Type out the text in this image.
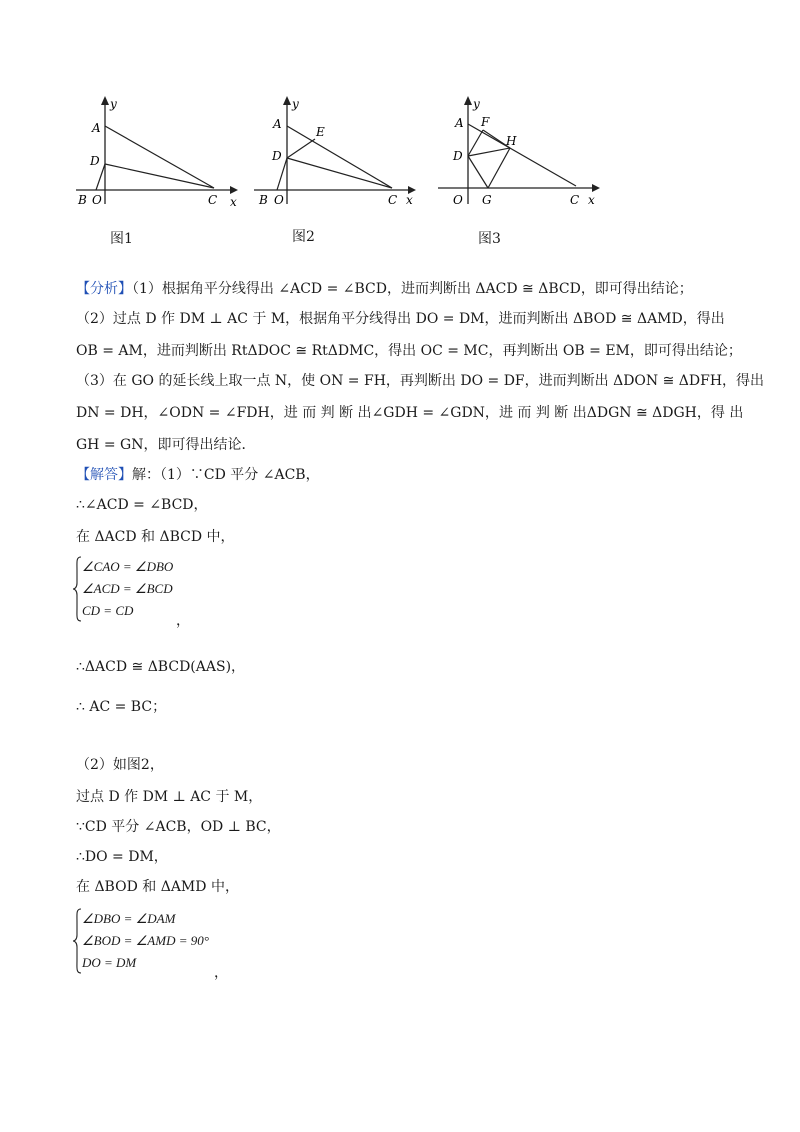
y
x
A
D
B O	C
图1
y
x
A
E
D
B O	C
图2
y
x
A F
H
D
O G	C
图3
【分析】（1）根据角平分线得出 ∠ACD = ∠BCD，进而判断出 ΔACD ≅ ΔBCD，即可得出结论；
（2）过点 D 作 DM ⊥ AC 于 M， 根据角平分线得出 DO = DM， 进而判断出 ΔBOD ≅ ΔAMD， 得出
OB = AM，进而判断出 RtΔDOC ≅ RtΔDMC，得出 OC = MC，再判断出 OB = EM，即可得出结论；
（3）在 GO 的延长线上取一点 N， 使 ON = FH， 再判断出 DO = DF， 进而判断出 ΔDON ≅ ΔDFH， 得出
DN = DH， ∠ODN = ∠FDH， 进 而 判 断 出 ∠GDH = ∠GDN， 进 而 判 断 出 ΔDGN ≅ ΔDGH， 得 出
GH = GN，即可得出结论．
【解答】解：（1）∵CD 平分 ∠ACB，
∴∠ACD = ∠BCD，
在 ΔACD 和 ΔBCD 中，
∠CAO = ∠DBO
∠ACD = ∠BCD
CD = CD
，
∴ΔACD ≅ ΔBCD(AAS)，
∴ AC = BC；
（2）如图2，
过点 D 作 DM ⊥ AC 于 M，
∵CD 平分 ∠ACB，OD ⊥ BC，
∴DO = DM，
在 ΔBOD 和 ΔAMD 中，
∠DBO = ∠DAM
∠BOD = ∠AMD = 90°
DO = DM
，
